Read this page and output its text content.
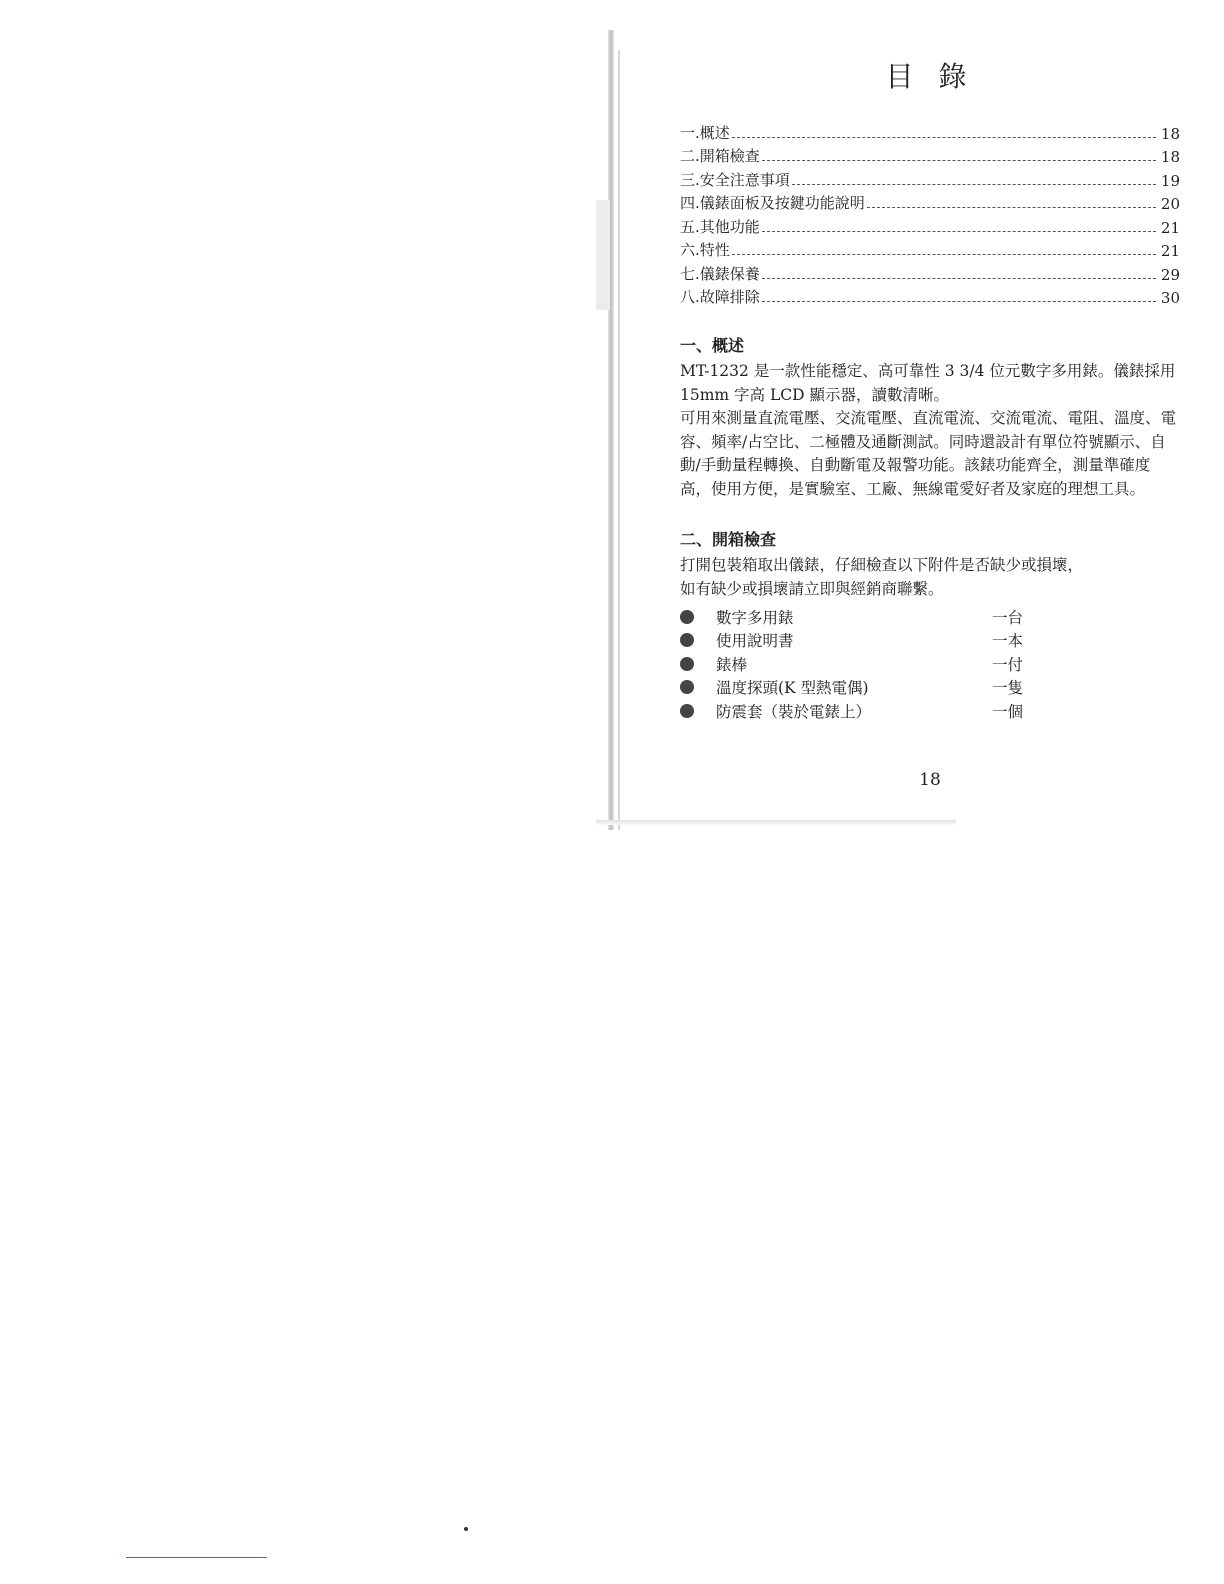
目 錄
一.概述	18
二.開箱檢查	18
三.安全注意事項	19
四.儀錶面板及按鍵功能說明	20
五.其他功能	21
六.特性	21
七.儀錶保養	29
八.故障排除	30
一、概述

MT-1232 是一款性能穩定、高可靠性 3 3/4 位元數字多用錶。儀錶採用 15mm 字高 LCD 顯示器，讀數清晰。

可用來測量直流電壓、交流電壓、直流電流、交流電流、電阻、溫度、電容、頻率/占空比、二極體及通斷測試。同時還設計有單位符號顯示、自動/手動量程轉換、自動斷電及報警功能。該錶功能齊全，測量準確度高，使用方便，是實驗室、工廠、無線電愛好者及家庭的理想工具。

二、開箱檢查

打開包裝箱取出儀錶，仔細檢查以下附件是否缺少或損壞，

如有缺少或損壞請立即與經銷商聯繫。

數字多用錶	一台
使用說明書	一本
錶棒	一付
溫度探頭(K 型熱電偶)	一隻
防震套（裝於電錶上）	一個
18
